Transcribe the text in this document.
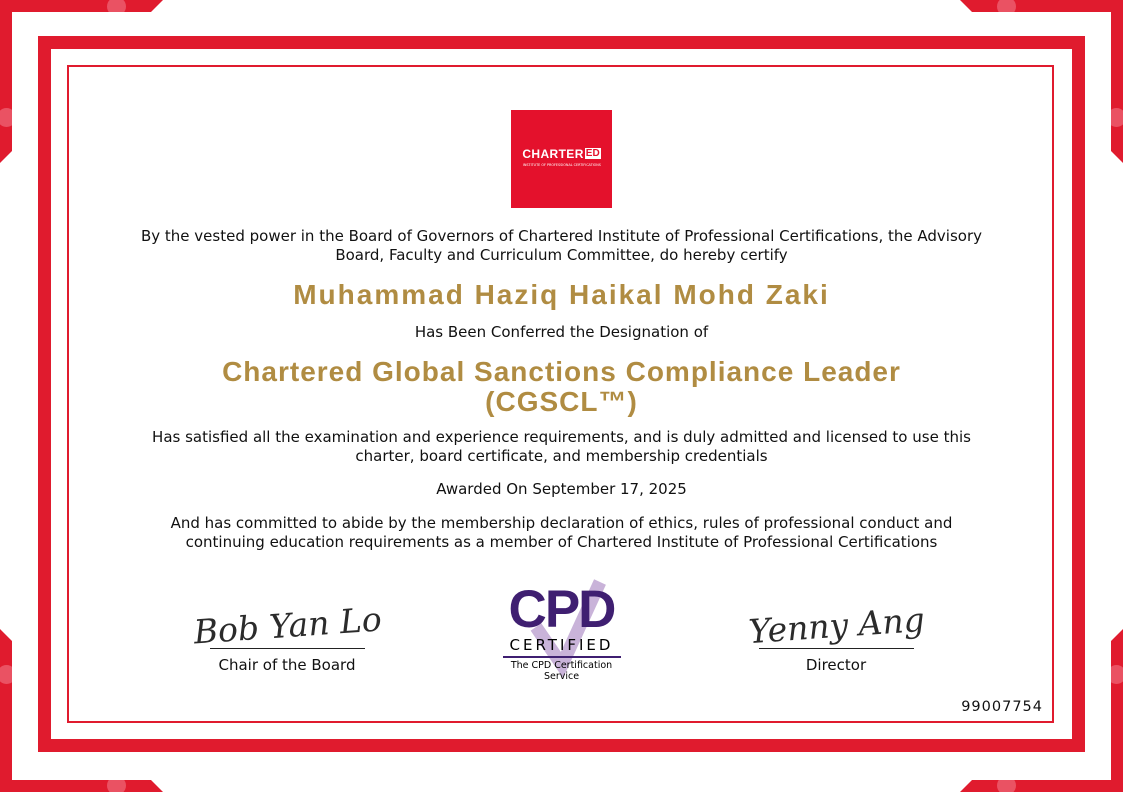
CHARTER ED
INSTITUTE OF PROFESSIONAL CERTIFICATIONS
By the vested power in the Board of Governors of Chartered Institute of Professional Certifications, the Advisory Board, Faculty and Curriculum Committee, do hereby certify
Muhammad Haziq Haikal Mohd Zaki
Has Been Conferred the Designation of
Chartered Global Sanctions Compliance Leader
(CGSCL™)
Has satisfied all the examination and experience requirements, and is duly admitted and licensed to use this charter, board certificate, and membership credentials
Awarded On September 17, 2025
And has committed to abide by the membership declaration of ethics, rules of professional conduct and continuing education requirements as a member of Chartered Institute of Professional Certifications
Bob Yan Lo
Chair of the Board
CPD
CERTIFIED
The CPD Certification
Service
Yenny Ang
Director
99007754
